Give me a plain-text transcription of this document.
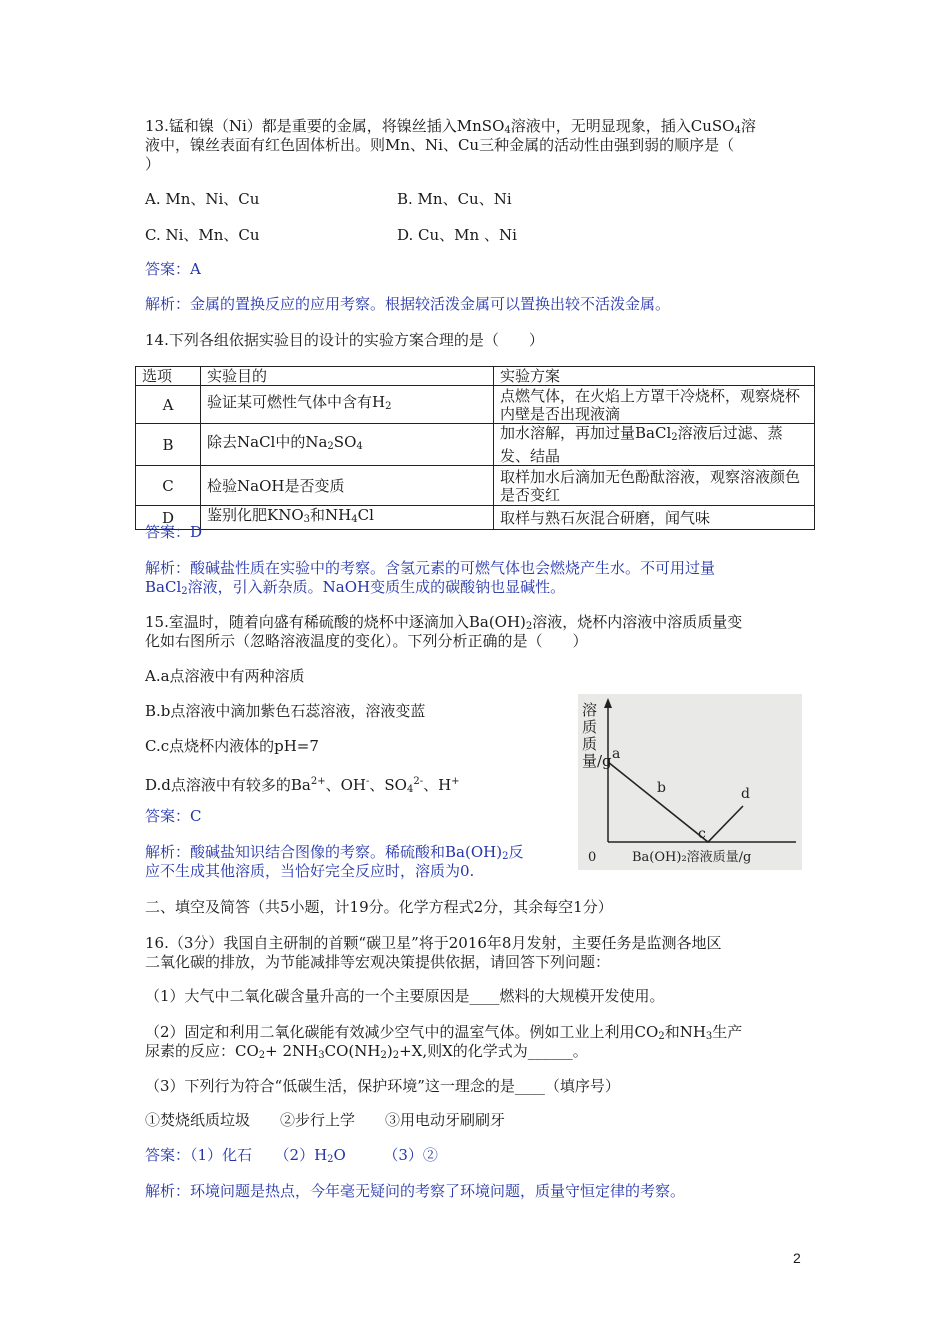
13.锰和镍（Ni）都是重要的金属，将镍丝插入MnSO$_4$溶液中，无明显现象，插入CuSO$_4$溶
液中，镍丝表面有红色固体析出。则Mn、Ni、Cu三种金属的活动性由强到弱的顺序是（
）
A. Mn、Ni、Cu	B. Mn、Cu、Ni
C. Ni、Mn、Cu	D. Cu、Mn 、Ni
答案：A
解析：金属的置换反应的应用考察。根据较活泼金属可以置换出较不活泼金属。
14.下列各组依据实验目的设计的实验方案合理的是（　　）
选项	实验目的	实验方案
A	验证某可燃性气体中含有$H_2$	点燃气体，在火焰上方罩干冷烧杯，观察烧杯内壁是否出现液滴
B	除去NaCl中的$Na_2SO_4$	加水溶解，再加过量BaCl$_2$溶液后过滤、蒸发、结晶
C	检验NaOH是否变质	取样加水后滴加无色酚酞溶液，观察溶液颜色是否变红
D	鉴别化肥$KNO_3$和$NH_4Cl$	取样与熟石灰混合研磨，闻气味
答案：D
解析：酸碱盐性质在实验中的考察。含氢元素的可燃气体也会燃烧产生水。不可用过量
BaCl$_2$溶液，引入新杂质。NaOH变质生成的碳酸钠也显碱性。
15.室温时，随着向盛有稀硫酸的烧杯中逐滴加入$Ba(OH)_2$溶液，烧杯内溶液中溶质质量变
化如右图所示（忽略溶液温度的变化）。下列分析正确的是（　　）
A.a点溶液中有两种溶质
B.b点溶液中滴加紫色石蕊溶液，溶液变蓝
C.c点烧杯内液体的pH=7
D.d点溶液中有较多的$Ba^{2+}$、OH-、$SO_4^{2-}$、H+
答案：C
解析：酸碱盐知识结合图像的考察。稀硫酸和$Ba(OH)_2$反
应不生成其他溶质，当恰好完全反应时，溶质为0.
a
b
c
d
0	Ba(OH)₂溶液质量/g
溶质质量/g
二、填空及简答（共5小题，计19分。化学方程式2分，其余每空1分）
16.（3分）我国自主研制的首颗“碳卫星”将于2016年8月发射，主要任务是监测各地区
二氧化碳的排放，为节能减排等宏观决策提供依据，请回答下列问题：
（1）大气中二氧化碳含量升高的一个主要原因是____燃料的大规模开发使用。
（2）固定和利用二氧化碳能有效减少空气中的温室气体。例如工业上利用$CO_2$和$NH_3$生产
尿素的反应：$CO_2+ 2NH_3CO(NH_2)_2+X$,则X的化学式为______。
（3）下列行为符合“低碳生活，保护环境”这一理念的是____（填序号）
①焚烧纸质垃圾　　②步行上学　　③用电动牙刷刷牙
答案：（1）化石　　$(2)H_2O$　　　（3）②
解析：环境问题是热点，今年毫无疑问的考察了环境问题，质量守恒定律的考察。
2
